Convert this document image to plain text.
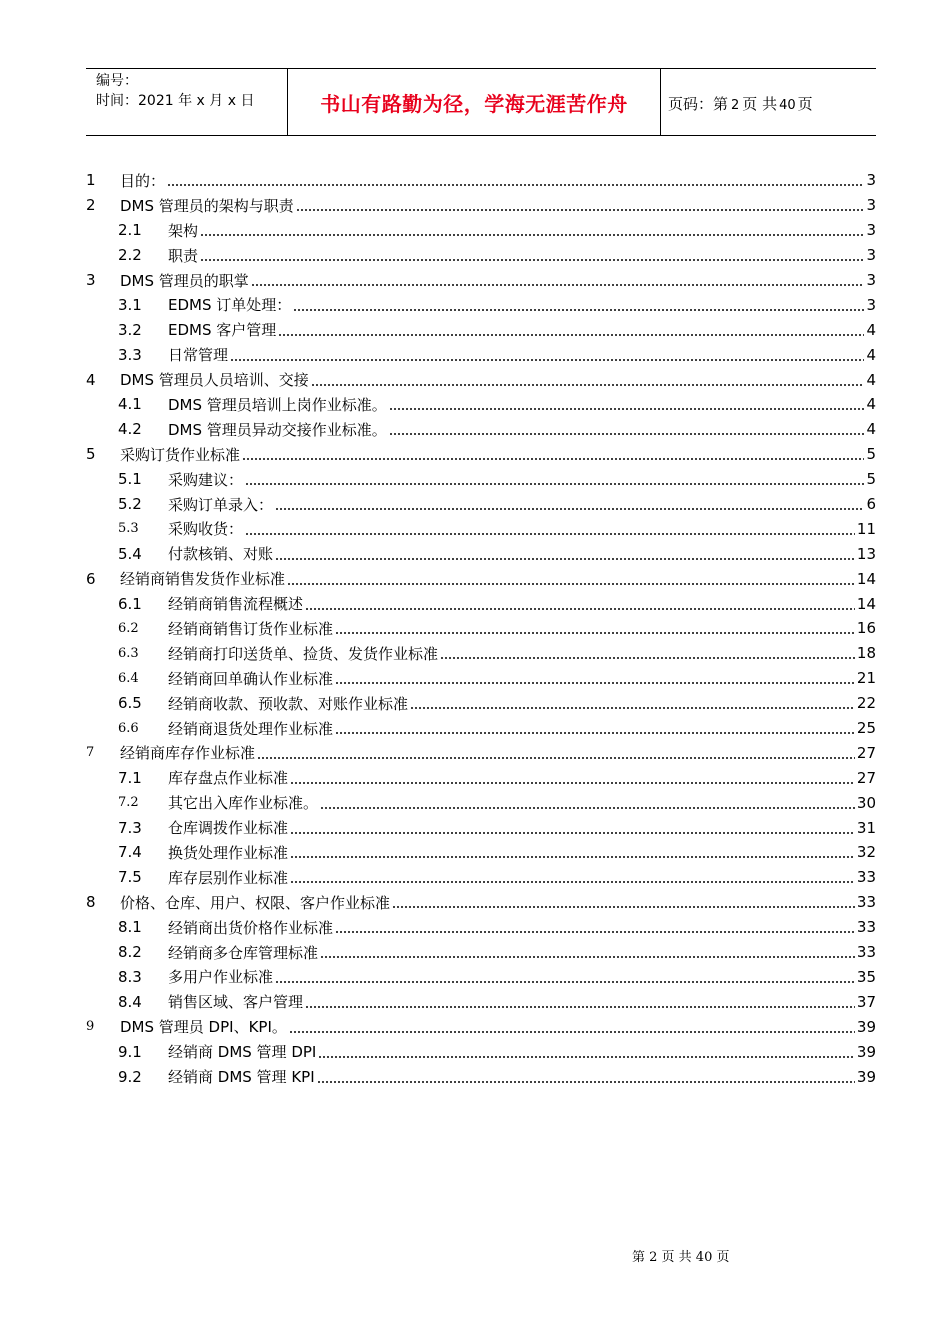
编号：
时间：2021 年 x 月 x 日	书山有路勤为径，学海无涯苦作舟	页码：第 2 页 共 40 页
1	目的：	3
2	DMS 管理员的架构与职责	3
2.1	架构	3
2.2	职责	3
3	DMS 管理员的职掌	3
3.1	EDMS 订单处理：	3
3.2	EDMS 客户管理	4
3.3	日常管理	4
4	DMS 管理员人员培训、交接	4
4.1	DMS 管理员培训上岗作业标准。	4
4.2	DMS 管理员异动交接作业标准。	4
5	采购订货作业标准	5
5.1	采购建议：	5
5.2	采购订单录入：	6
5.3	采购收货：	11
5.4	付款核销、对账	13
6	经销商销售发货作业标准	14
6.1	经销商销售流程概述	14
6.2	经销商销售订货作业标准	16
6.3	经销商打印送货单、捡货、发货作业标准	18
6.4	经销商回单确认作业标准	21
6.5	经销商收款、预收款、对账作业标准	22
6.6	经销商退货处理作业标准	25
7	经销商库存作业标准	27
7.1	库存盘点作业标准	27
7.2	其它出入库作业标准。	30
7.3	仓库调拨作业标准	31
7.4	换货处理作业标准	32
7.5	库存层别作业标准	33
8	价格、仓库、用户、权限、客户作业标准	33
8.1	经销商出货价格作业标准	33
8.2	经销商多仓库管理标准	33
8.3	多用户作业标准	35
8.4	销售区域、客户管理	37
9	DMS 管理员 DPI、KPI。	39
9.1	经销商 DMS 管理 DPI	39
9.2	经销商 DMS 管理 KPI	39
第 2 页 共 40 页
